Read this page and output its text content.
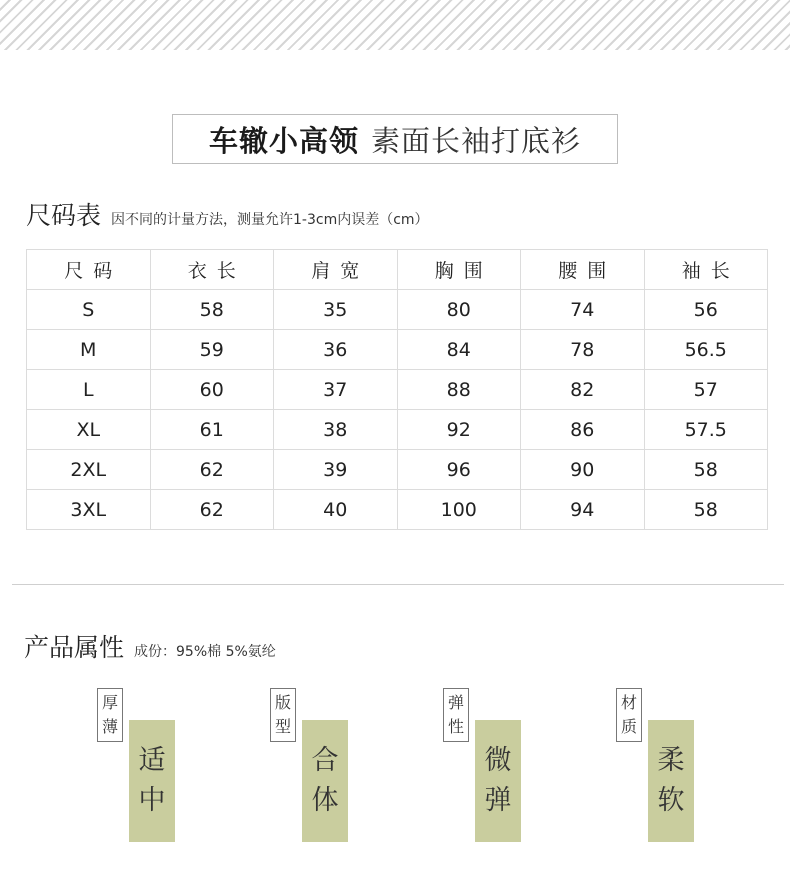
车辙小高领 素面长袖打底衫
尺码表 因不同的计量方法，测量允许1-3cm内误差（cm）
尺码	衣长	肩宽	胸围	腰围	袖长
S	58	35	80	74	56
M	59	36	84	78	56.5
L	60	37	88	82	57
XL	61	38	92	86	57.5
2XL	62	39	96	90	58
3XL	62	40	100	94	58
产品属性 成份：95%棉 5%氨纶
厚
薄
适
中
版
型
合
体
弹
性
微
弹
材
质
柔
软
